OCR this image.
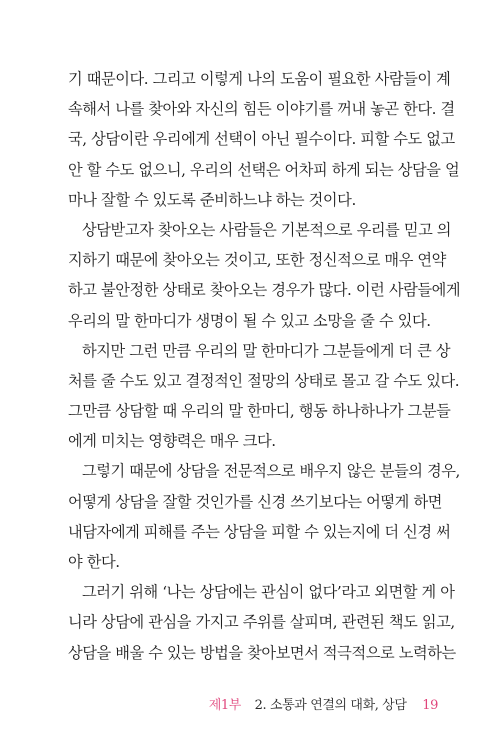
기 때문이다. 그리고 이렇게 나의 도움이 필요한 사람들이 계
속해서 나를 찾아와 자신의 힘든 이야기를 꺼내 놓곤 한다. 결
국, 상담이란 우리에게 선택이 아닌 필수이다. 피할 수도 없고
안 할 수도 없으니, 우리의 선택은 어차피 하게 되는 상담을 얼
마나 잘할 수 있도록 준비하느냐 하는 것이다.
상담받고자 찾아오는 사람들은 기본적으로 우리를 믿고 의
지하기 때문에 찾아오는 것이고, 또한 정신적으로 매우 연약
하고 불안정한 상태로 찾아오는 경우가 많다. 이런 사람들에게
우리의 말 한마디가 생명이 될 수 있고 소망을 줄 수 있다.
하지만 그런 만큼 우리의 말 한마디가 그분들에게 더 큰 상
처를 줄 수도 있고 결정적인 절망의 상태로 몰고 갈 수도 있다.
그만큼 상담할 때 우리의 말 한마디, 행동 하나하나가 그분들
에게 미치는 영향력은 매우 크다.
그렇기 때문에 상담을 전문적으로 배우지 않은 분들의 경우,
어떻게 상담을 잘할 것인가를 신경 쓰기보다는 어떻게 하면
내담자에게 피해를 주는 상담을 피할 수 있는지에 더 신경 써
야 한다.
그러기 위해 ‘나는 상담에는 관심이 없다’라고 외면할 게 아
니라 상담에 관심을 가지고 주위를 살피며, 관련된 책도 읽고,
상담을 배울 수 있는 방법을 찾아보면서 적극적으로 노력하는
제1부 2. 소통과 연결의 대화, 상담 19
